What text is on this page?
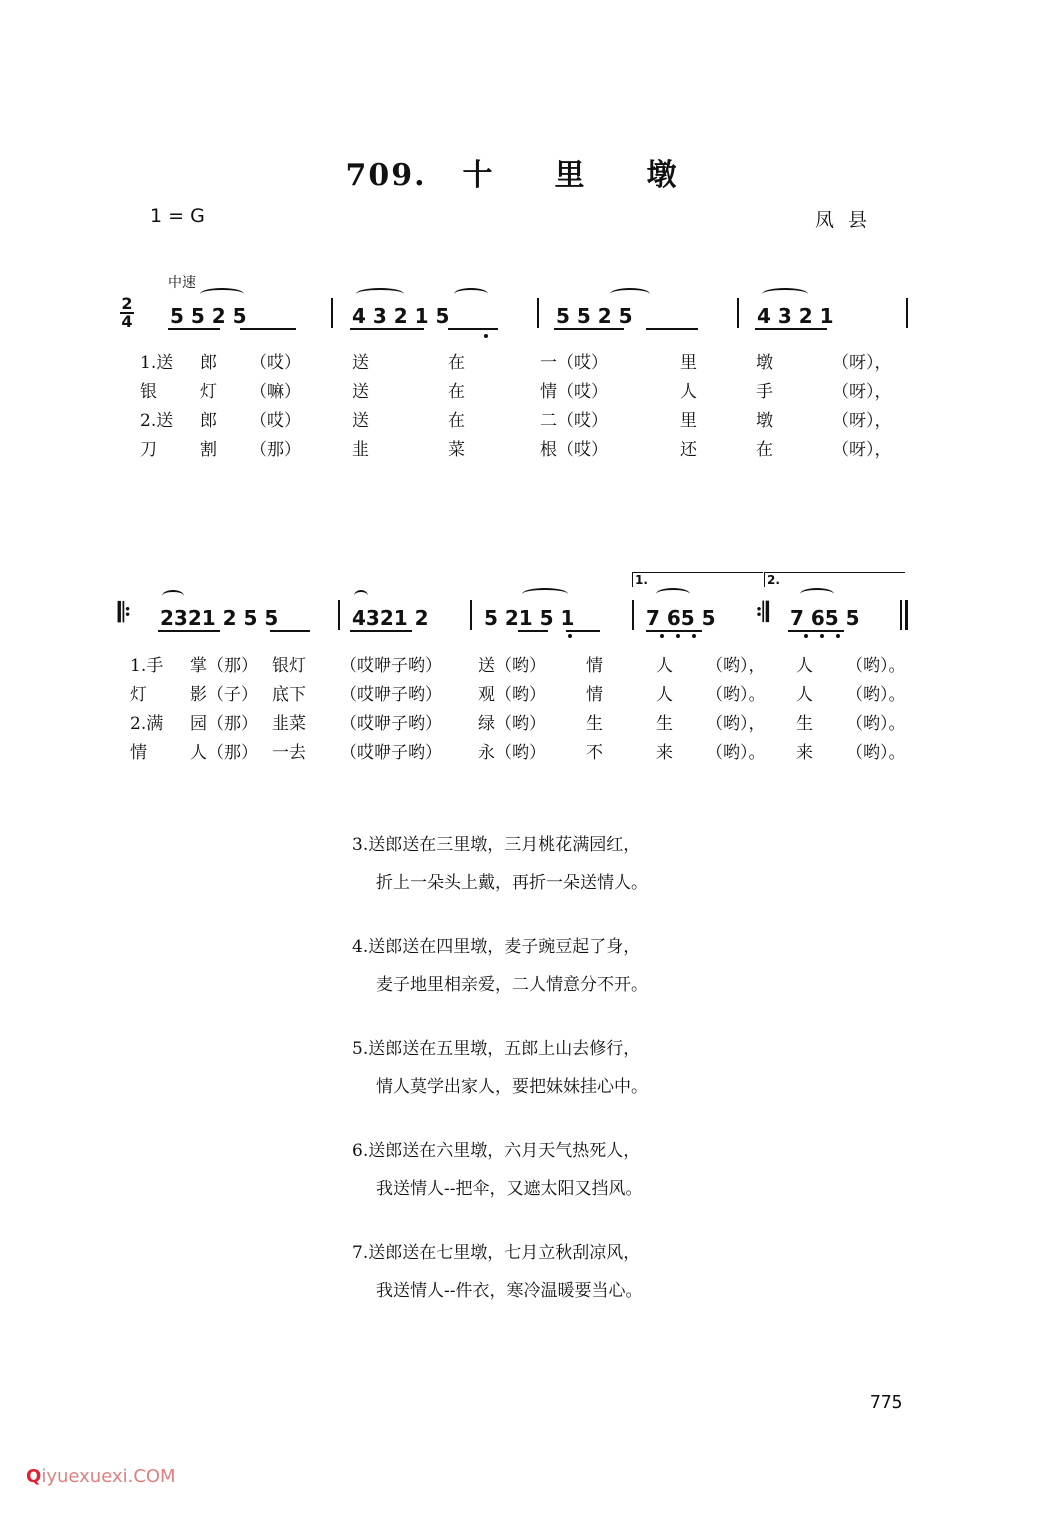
709. 十 里 墩
1 = G	凤县
中速
2
4 5 5 2 5	4 3 2 1 5	5 5 2 5	4 3 2 1
1.送 郎 （哎）	送	在	一（哎）	里	墩	（呀），
银	灯 （嘛）	送	在	情（哎）	人	手	（呀），
2.送 郎 （哎）	送	在	二（哎）	里	墩	（呀），
刀	割 （那）	韭	菜	根（哎）	还	在	（呀），
𝄆 2321 2 5 5	4321 2	5 21 5 1	7 65 5	7 65 5
𝄇
1.	2.
1.手 掌（那） 银灯 （哎咿子哟） 送（哟） 情	人 （哟）， 人 （哟）。
灯	影（子） 底下 （哎咿子哟） 观（哟） 情	人 （哟）。 人 （哟）。
2.满 园（那） 韭菜 （哎咿子哟） 绿（哟） 生	生 （哟）， 生 （哟）。
情	人（那） 一去 （哎咿子哟） 永（哟） 不	来 （哟）。 来 （哟）。
3.送郎送在三里墩，三月桃花满园红，
折上一朵头上戴，再折一朵送情人。
4.送郎送在四里墩，麦子豌豆起了身，
麦子地里相亲爱，二人情意分不开。
5.送郎送在五里墩，五郎上山去修行，
情人莫学出家人，要把妹妹挂心中。
6.送郎送在六里墩，六月天气热死人，
我送情人--把伞，又遮太阳又挡风。
7.送郎送在七里墩，七月立秋刮凉风，
我送情人--件衣，寒冷温暖要当心。
775
Qiyuexuexi.COM
